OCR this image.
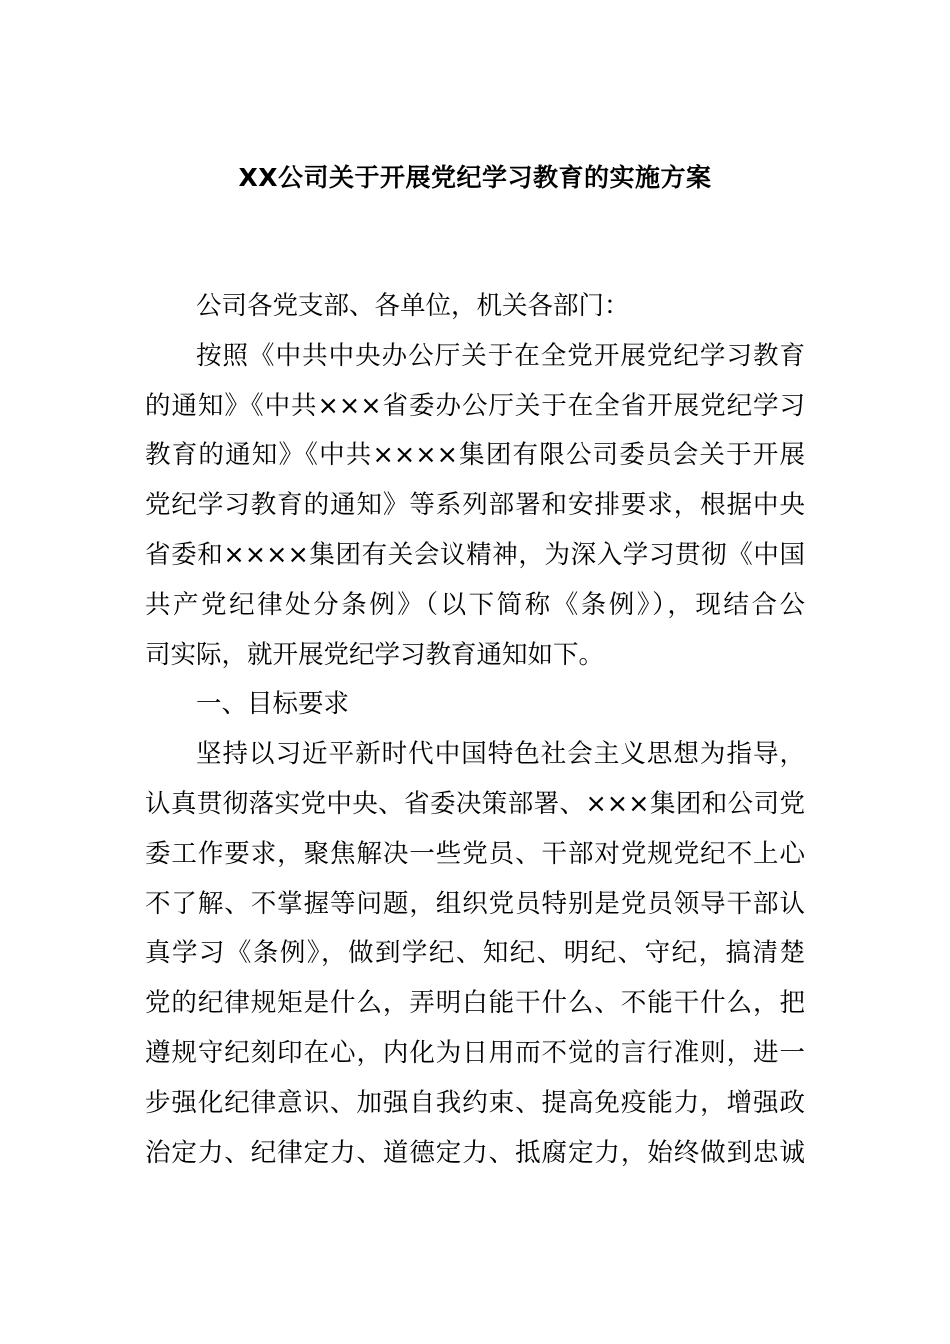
XX公司关于开展党纪学习教育的实施方案
公司各党支部、各单位，机关各部门：
按照《中共中央办公厅关于在全党开展党纪学习教育
的通知》《中共×××省委办公厅关于在全省开展党纪学习
教育的通知》《中共××××集团有限公司委员会关于开展
党纪学习教育的通知》等系列部署和安排要求，根据中央
省委和××××集团有关会议精神，为深入学习贯彻《中国
共产党纪律处分条例》（以下简称《条例》），现结合公
司实际，就开展党纪学习教育通知如下。
一、目标要求
坚持以习近平新时代中国特色社会主义思想为指导，
认真贯彻落实党中央、省委决策部署、×××集团和公司党
委工作要求，聚焦解决一些党员、干部对党规党纪不上心
不了解、不掌握等问题，组织党员特别是党员领导干部认
真学习《条例》，做到学纪、知纪、明纪、守纪，搞清楚
党的纪律规矩是什么，弄明白能干什么、不能干什么，把
遵规守纪刻印在心，内化为日用而不觉的言行准则，进一
步强化纪律意识、加强自我约束、提高免疫能力，增强政
治定力、纪律定力、道德定力、抵腐定力，始终做到忠诚
